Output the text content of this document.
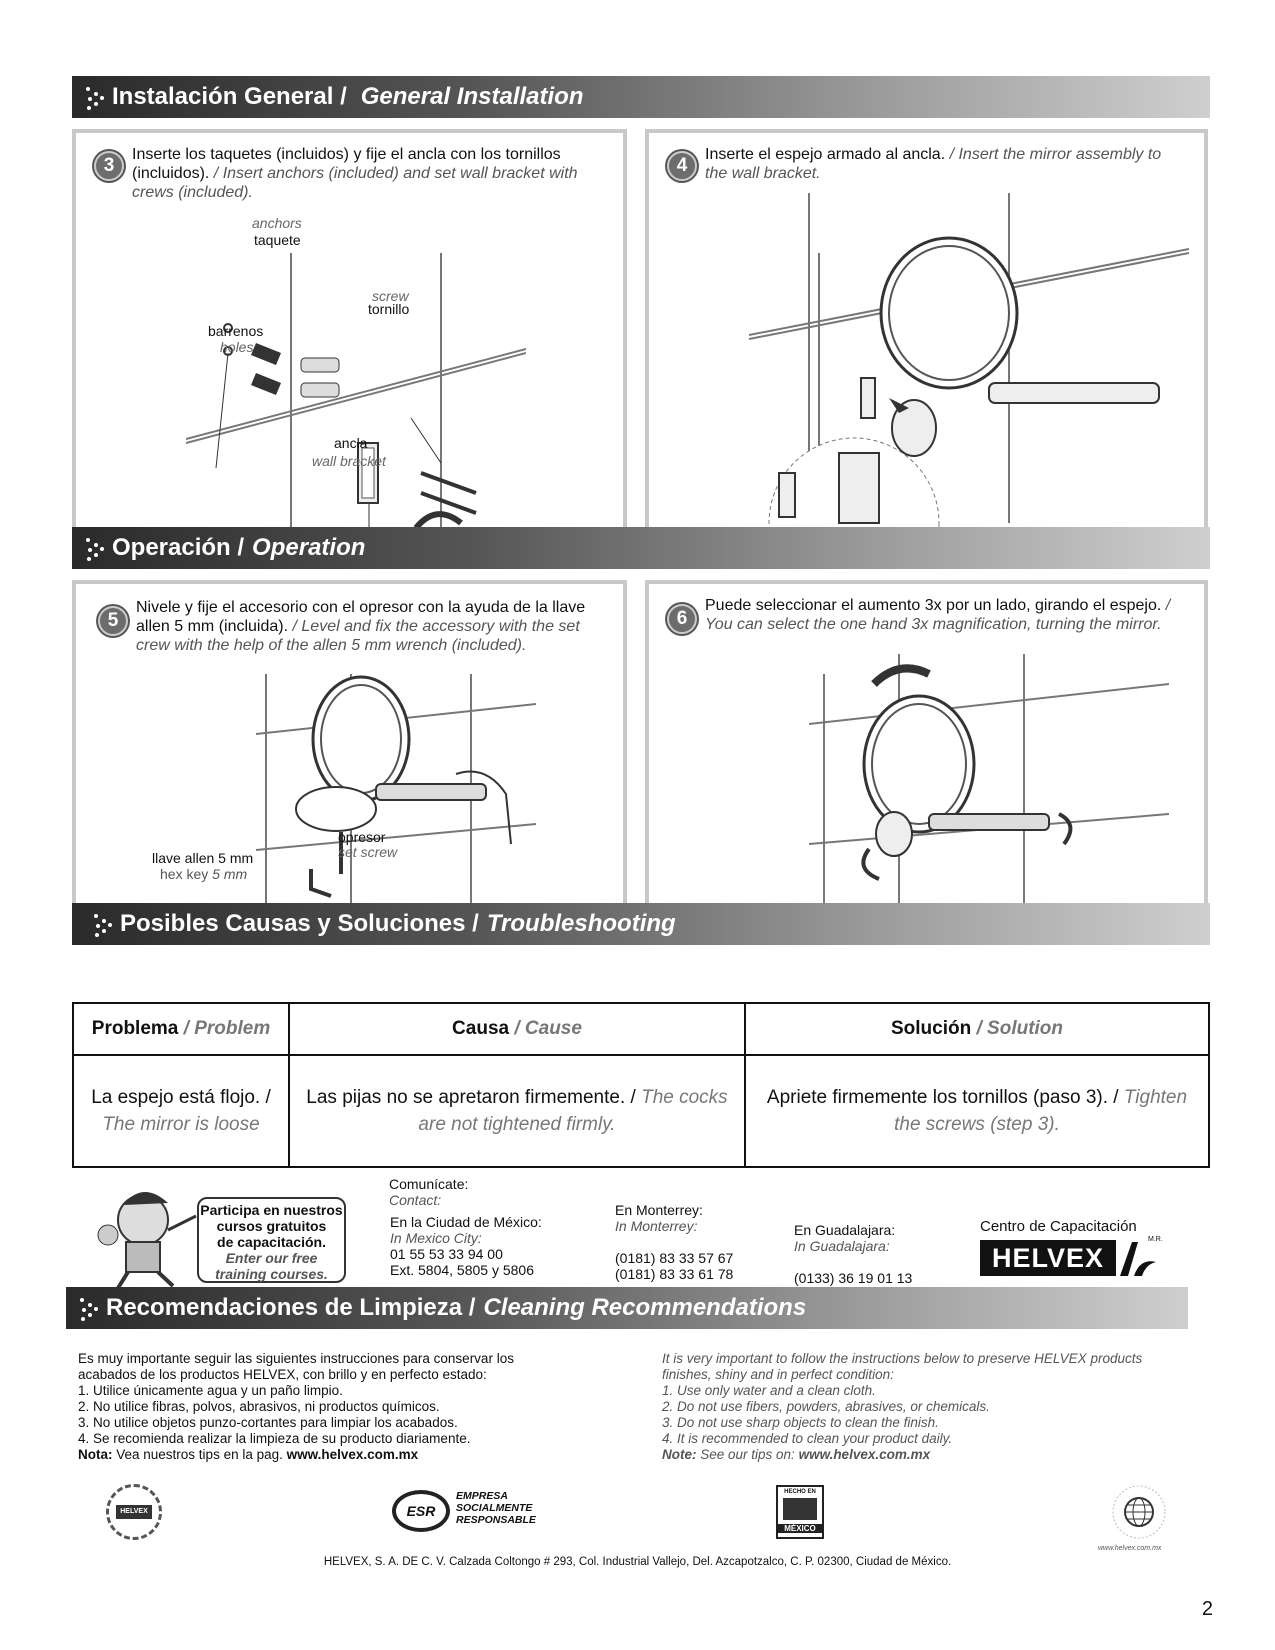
Instalación General / General Installation
3
Inserte los taquetes (incluidos) y fije el ancla con los tornillos (incluidos). / Insert anchors (included) and set wall bracket with crews (included).
anchors
taquete
screw
tornillo
barrenos
holes
ancla
wall bracket
4
Inserte el espejo armado al ancla. / Insert the mirror assembly to the wall bracket.
Operación / Operation
5
Nivele y fije el accesorio con el opresor con la ayuda de la llave allen 5 mm (incluida). / Level and fix the accessory with the set crew with the help of the allen 5 mm wrench (included).
opresor
set screw
llave allen 5 mm
hex key 5 mm
6
Puede seleccionar el aumento 3x por un lado, girando el espejo. / You can select the one hand 3x magnification, turning the mirror.
Posibles Causas y Soluciones / Troubleshooting
Problema / Problem	Causa / Cause	Solución / Solution
La espejo está flojo. / The mirror is loose	Las pijas no se apretaron firmemente. / The cocks are not tightened firmly.	Apriete firmemente los tornillos (paso 3). / Tighten the screws (step 3).
Participa en nuestros
cursos gratuitos
de capacitación.
Enter our free
training courses.
Comunícate:
Contact:
En la Ciudad de México:
In Mexico City:
01 55 53 33 94 00
Ext. 5804, 5805 y 5806
En Monterrey:
In Monterrey:
(0181) 83 33 57 67
(0181) 83 33 61 78
En Guadalajara:
In Guadalajara:
(0133) 36 19 01 13
Centro de Capacitación
HELVEX
M.R.
Recomendaciones de Limpieza / Cleaning Recommendations
Es muy importante seguir las siguientes instrucciones para conservar los
acabados de los productos HELVEX, con brillo y en perfecto estado:
1. Utilice únicamente agua y un paño limpio.
2. No utilice fibras, polvos, abrasivos, ni productos químicos.
3. No utilice objetos punzo-cortantes para limpiar los acabados.
4. Se recomienda realizar la limpieza de su producto diariamente.
Nota: Vea nuestros tips en la pag. www.helvex.com.mx
It is very important to follow the instructions below to preserve HELVEX products
finishes, shiny and in perfect condition:
1. Use only water and a clean cloth.
2. Do not use fibers, powders, abrasives, or chemicals.
3. Do not use sharp objects to clean the finish.
4. It is recommended to clean your product daily.
Note: See our tips on: www.helvex.com.mx
HELVEX	ESR
EMPRESA
SOCIALMENTE
RESPONSABLE
HECHO EN
MÉXICO
www.helvex.com.mx
HELVEX, S. A. DE C. V. Calzada Coltongo # 293, Col. Industrial Vallejo, Del. Azcapotzalco, C. P. 02300, Ciudad de México.
2
